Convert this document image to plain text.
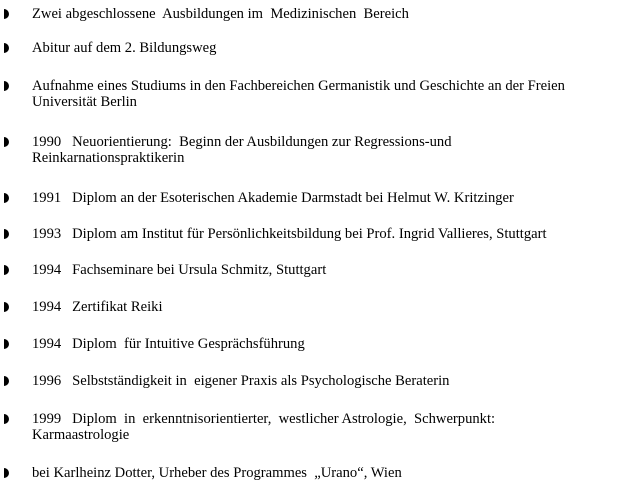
Zwei abgeschlossene  Ausbildungen im  Medizinischen  Bereich
Abitur auf dem 2. Bildungsweg
Aufnahme eines Studiums in den Fachbereichen Germanistik und Geschichte an der Freien
Universität Berlin
1990   Neuorientierung:  Beginn der Ausbildungen zur Regressions-und
Reinkarnationspraktikerin
1991   Diplom an der Esoterischen Akademie Darmstadt bei Helmut W. Kritzinger
1993   Diplom am Institut für Persönlichkeitsbildung bei Prof. Ingrid Vallieres, Stuttgart
1994   Fachseminare bei Ursula Schmitz, Stuttgart
1994   Zertifikat Reiki
1994   Diplom  für Intuitive Gesprächsführung
1996   Selbstständigkeit in  eigener Praxis als Psychologische Beraterin
1999   Diplom  in  erkenntnisorientierter,  westlicher Astrologie,  Schwerpunkt:
Karmaastrologie
bei Karlheinz Dotter, Urheber des Programmes  „Urano“, Wien
